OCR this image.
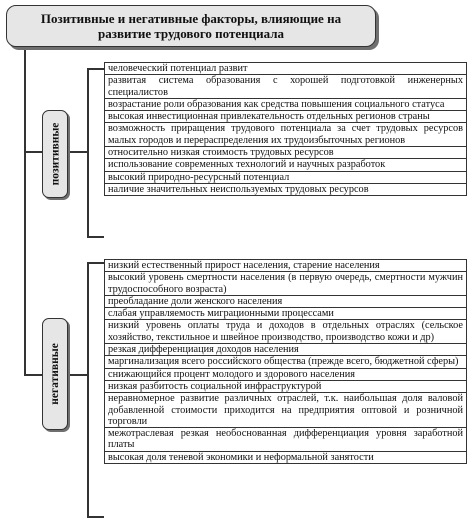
Позитивные и негативные факторы, влияющие на развитие трудового потенциала
позитивные
негативные
человеческий потенциал развит
развитая система образования с хорошей подготовкой инженерных специалистов
возрастание роли образования как средства повышения социального статуса
высокая инвестиционная привлекательность отдельных регионов страны
возможность приращения трудового потенциала за счет трудовых ресурсов малых городов и перераспределения их трудоизбыточных регионов
относительно низкая стоимость трудовых ресурсов
использование современных технологий и научных разработок
высокий природно-ресурсный потенциал
наличие значительных неиспользуемых трудовых ресурсов
низкий естественный прирост населения, старение населения
высокий уровень смертности населения (в первую очередь, смертности мужчин трудоспособного возраста)
преобладание доли женского населения
слабая управляемость миграционными процессами
низкий уровень оплаты труда и доходов в отдельных отраслях (сельское хозяйство, текстильное и швейное производство, производство кожи и др)
резкая дифференциация доходов населения
маргинализация всего российского общества (прежде всего, бюджетной сферы)
снижающийся процент молодого и здорового населения
низкая разбитость социальной инфраструктурой
неравномерное развитие различных отраслей, т.к. наибольшая доля валовой добавленной стоимости приходится на предприятия оптовой и розничной торговли
межотраслевая резкая необоснованная дифференциация уровня заработной платы
высокая доля теневой экономики и неформальной занятости
